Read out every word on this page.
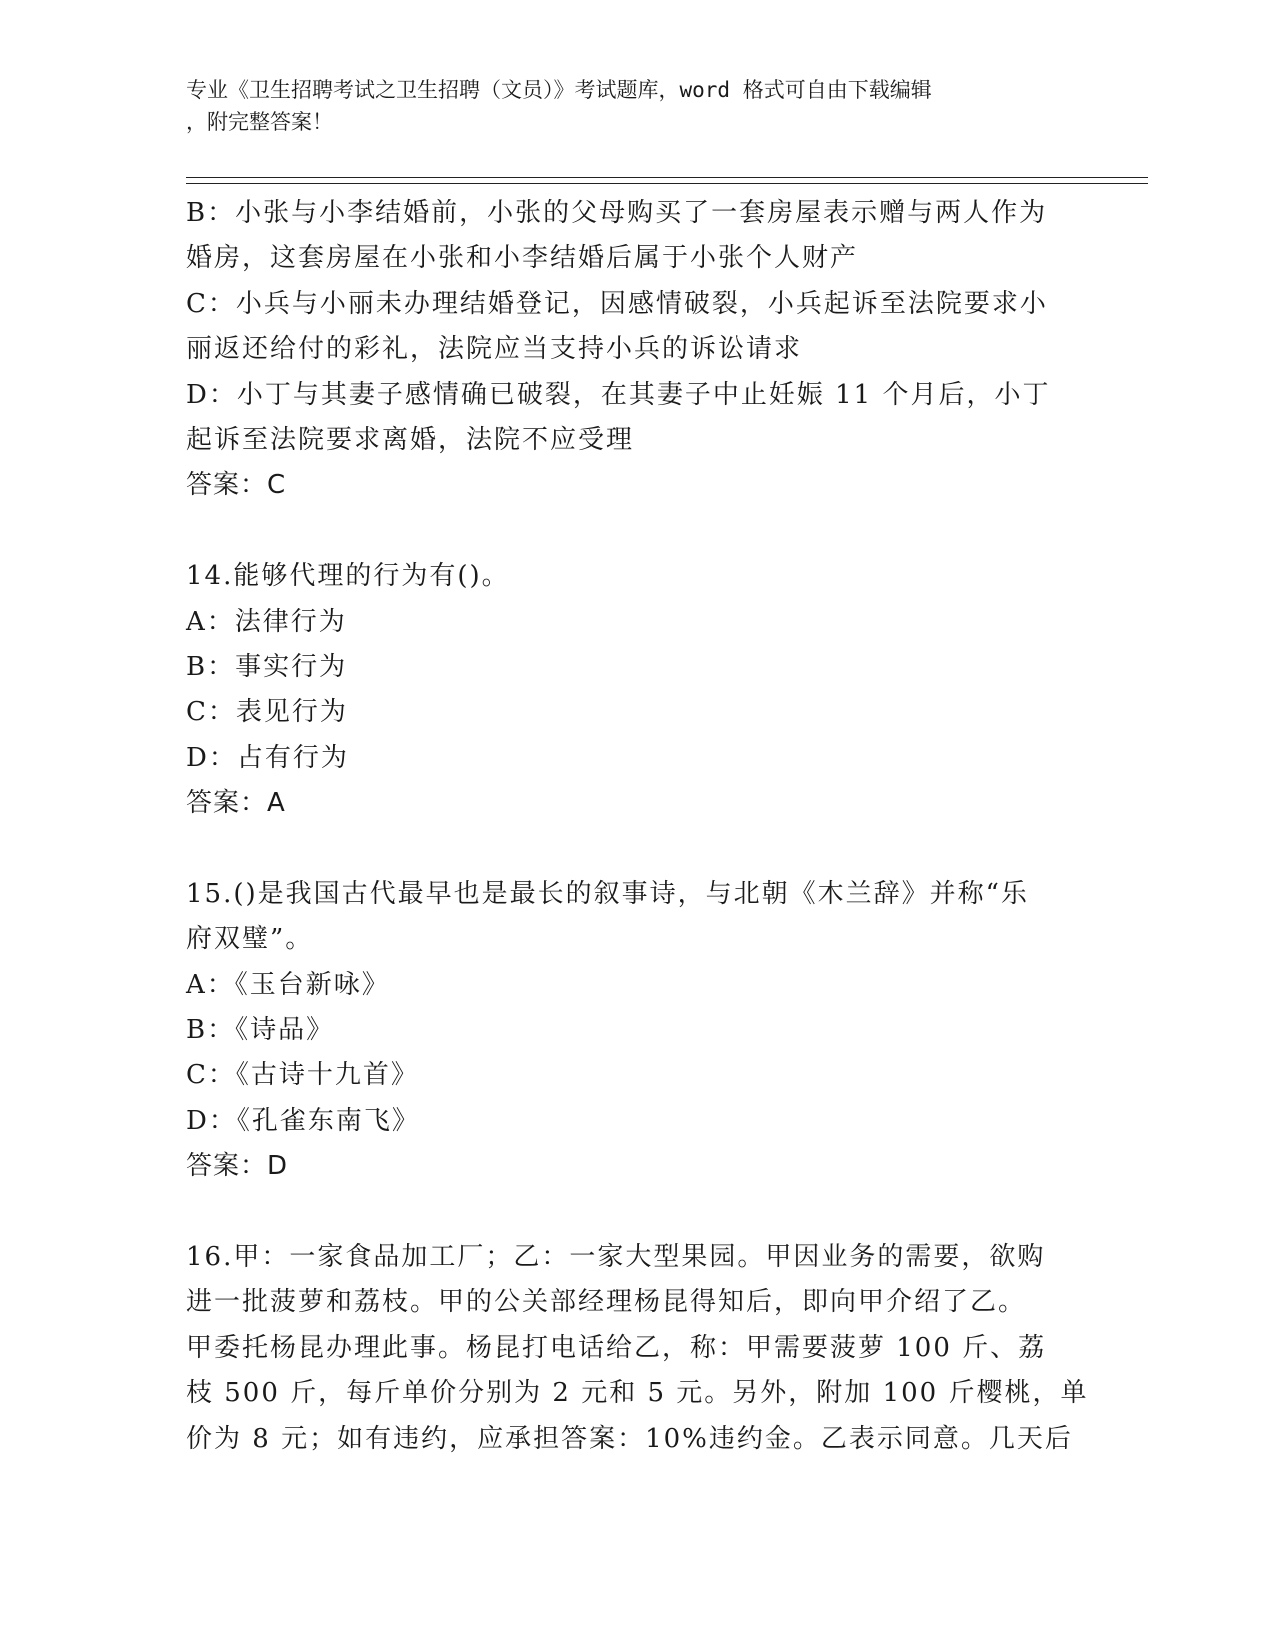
专业《卫生招聘考试之卫生招聘（文员）》考试题库，word 格式可自由下载编辑
，附完整答案！
B：小张与小李结婚前，小张的父母购买了一套房屋表示赠与两人作为
婚房，这套房屋在小张和小李结婚后属于小张个人财产
C：小兵与小丽未办理结婚登记，因感情破裂，小兵起诉至法院要求小
丽返还给付的彩礼，法院应当支持小兵的诉讼请求
D：小丁与其妻子感情确已破裂，在其妻子中止妊娠 11 个月后，小丁
起诉至法院要求离婚，法院不应受理
答案：C
14.能够代理的行为有()。
A：法律行为
B：事实行为
C：表见行为
D：占有行为
答案：A
15.()是我国古代最早也是最长的叙事诗，与北朝《木兰辞》并称“乐
府双璧”。
A：《玉台新咏》
B：《诗品》
C：《古诗十九首》
D：《孔雀东南飞》
答案：D
16.甲：一家食品加工厂；乙：一家大型果园。甲因业务的需要，欲购
进一批菠萝和荔枝。甲的公关部经理杨昆得知后，即向甲介绍了乙。
甲委托杨昆办理此事。杨昆打电话给乙，称：甲需要菠萝 100 斤、荔
枝 500 斤，每斤单价分别为 2 元和 5 元。另外，附加 100 斤樱桃，单
价为 8 元；如有违约，应承担答案：10%违约金。乙表示同意。几天后
